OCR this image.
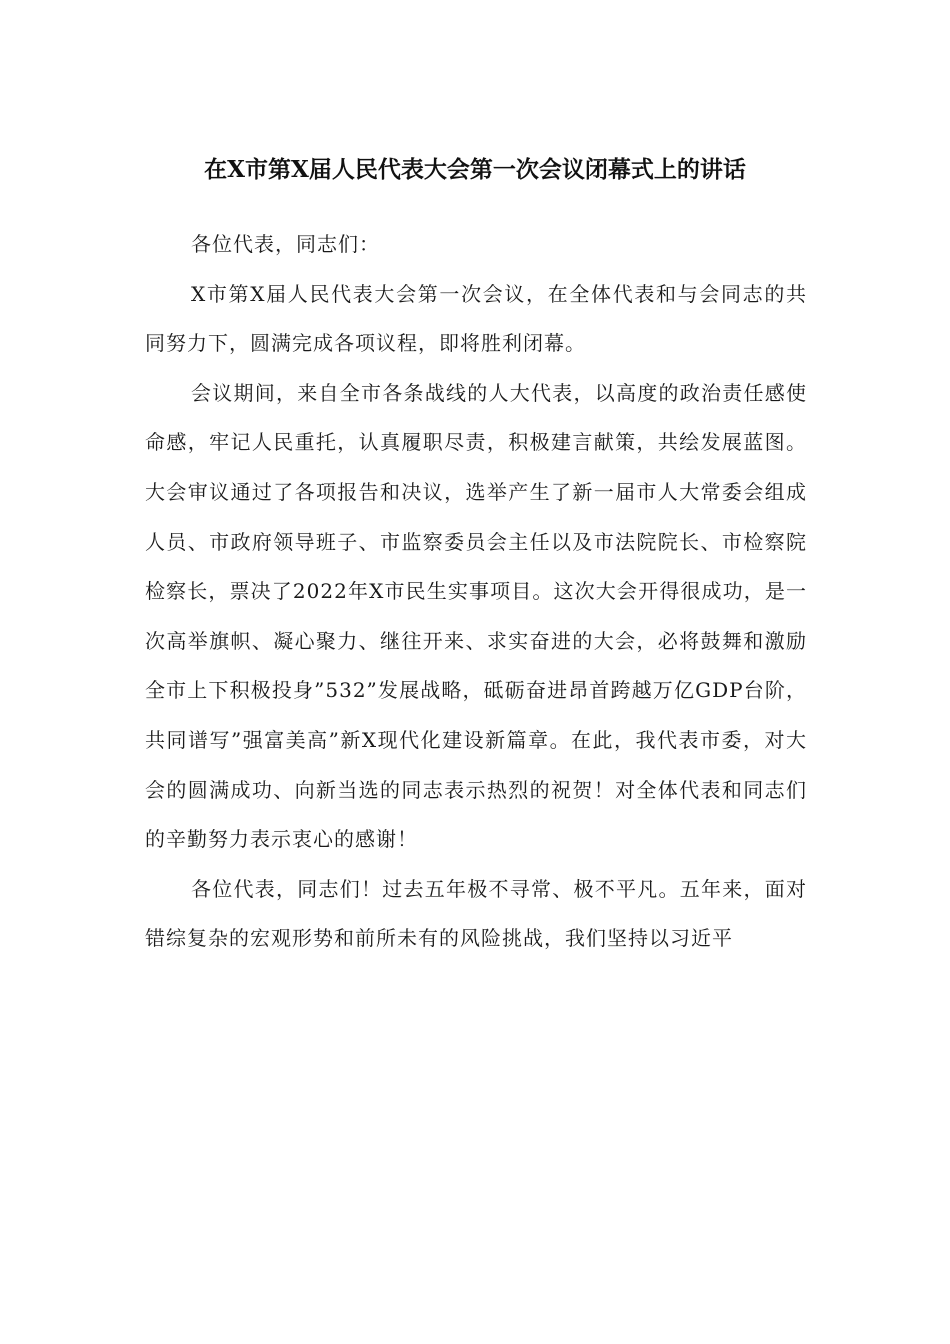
在X市第X届人民代表大会第一次会议闭幕式上的讲话

各位代表，同志们：

X市第X届人民代表大会第一次会议，在全体代表和与会同志的共同努力下，圆满完成各项议程，即将胜利闭幕。

会议期间，来自全市各条战线的人大代表，以高度的政治责任感使命感，牢记人民重托，认真履职尽责，积极建言献策，共绘发展蓝图。大会审议通过了各项报告和决议，选举产生了新一届市人大常委会组成人员、市政府领导班子、市监察委员会主任以及市法院院长、市检察院检察长，票决了2022年X市民生实事项目。这次大会开得很成功，是一次高举旗帜、凝心聚力、继往开来、求实奋进的大会，必将鼓舞和激励全市上下积极投身”532”发展战略，砥砺奋进昂首跨越万亿GDP台阶，共同谱写”强富美高”新X现代化建设新篇章。在此，我代表市委，对大会的圆满成功、向新当选的同志表示热烈的祝贺！对全体代表和同志们的辛勤努力表示衷心的感谢！

各位代表，同志们！过去五年极不寻常、极不平凡。五年来，面对错综复杂的宏观形势和前所未有的风险挑战，我们坚持以习近平
